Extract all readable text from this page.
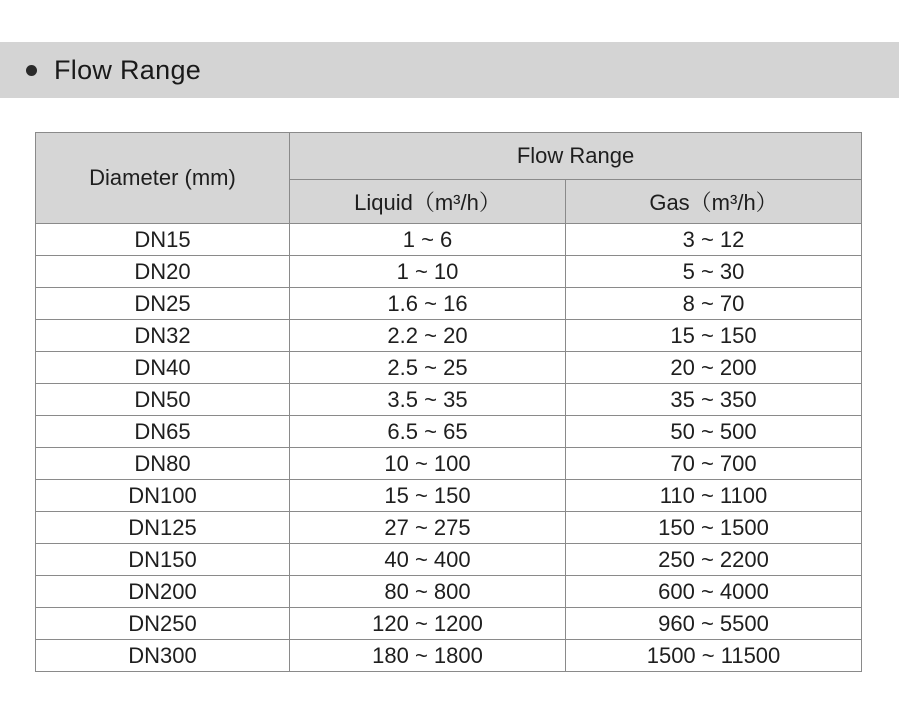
Flow Range
Diameter (mm)	Flow Range	
	Liquid（m³/h）	Gas（m³/h）
DN15	1 ~ 6	3 ~ 12
DN20	1 ~ 10	5 ~ 30
DN25	1.6 ~ 16	8 ~ 70
DN32	2.2 ~ 20	15 ~ 150
DN40	2.5 ~ 25	20 ~ 200
DN50	3.5 ~ 35	35 ~ 350
DN65	6.5 ~ 65	50 ~ 500
DN80	10 ~ 100	70 ~ 700
DN100	15 ~ 150	110 ~ 1100
DN125	27 ~ 275	150 ~ 1500
DN150	40 ~ 400	250 ~ 2200
DN200	80 ~ 800	600 ~ 4000
DN250	120 ~ 1200	960 ~ 5500
DN300	180 ~ 1800	1500 ~ 11500
